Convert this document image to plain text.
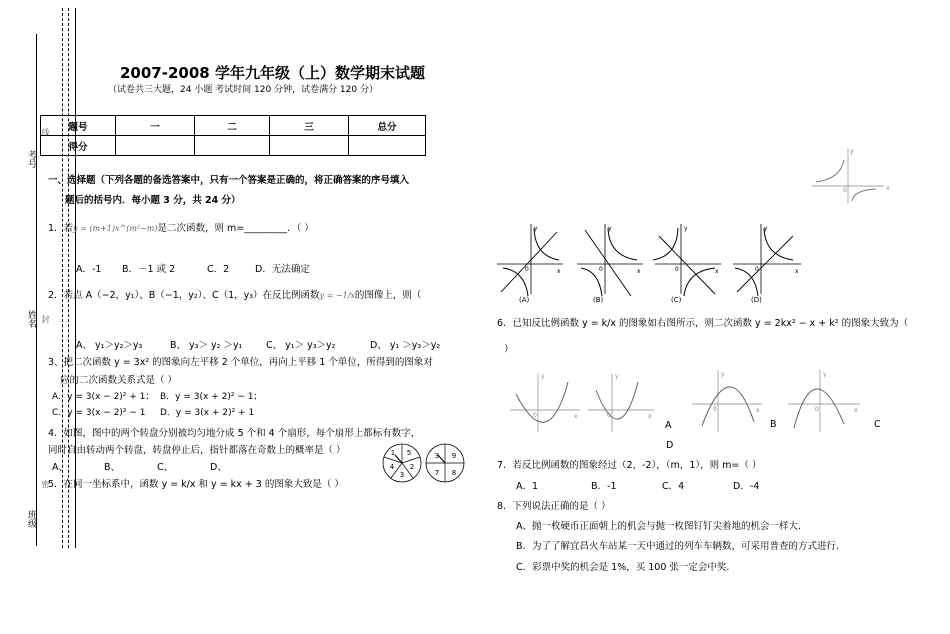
考号
姓名
班级
线
封
密
2007-2008 学年九年级（上）数学期末试题
（试卷共三大题，24 小题 考试时间 120 分钟，试卷满分 120 分）
题号	一	二	三	总分
得分				
一、选择题（下列各题的备选答案中，只有一个答案是正确的，将正确答案的序号填入
题后的括号内．每小题 3 分，共 24 分）
1．若y = (m+1)x^(m²−m)是二次函数，则 m=_________．（ ）
A．-1 B．－1 或 2	C．2	D．无法确定
2．若点 A（−2，y₁）、B（−1，y₂）、C（1，y₃）在反比例函数y = −1/x的图像上，则（
A、 y₁＞y₂＞y₃	B、 y₃＞ y₂ ＞y₁ C、 y₁＞ y₃＞y₂	D、 y₁ ＞y₃＞y₂
3、把二次函数 y = 3x² 的图象向左平移 2 个单位，再向上平移 1 个单位，所得到的图象对
应的二次函数关系式是（ ）
A．y = 3(x − 2)² + 1； B．y = 3(x + 2)² − 1；
C．y = 3(x − 2)² − 1 D．y = 3(x + 2)² + 1
4．如图，图中的两个转盘分别被均匀地分成 5 个和 4 个扇形，每个扇形上都标有数字，
同时自由转动两个转盘，转盘停止后，指针都落在奇数上的概率是（ ）
A、	B、	C、	D、
1 5
2
3
4
3 9
7 8
5．在同一坐标系中，函数 y = k/x 和 y = kx + 3 的图象大致是（ ）
x
y
0
x
y
0	x
y
0	x
y
0	x
y
0
(A)	(B)	(C)	(D)
6．已知反比例函数 y = k/x 的图象如右图所示，则二次函数 y = 2kx² − x + k² 的图象大致为（
）
x
y
0	x
y
0
x
y
0	x
y
0
A	B	C
D
7．若反比例函数的图象经过（2，-2），（m，1），则 m=（ ）
A．1	B．-1	C．4	D．-4
8．下列说法正确的是（ ）
A、抛一枚硬币正面朝上的机会与抛一枚图钉钉尖着地的机会一样大．
B．为了了解宜昌火车站某一天中通过的列车车辆数，可采用普查的方式进行．
C．彩票中奖的机会是 1%，买 100 张一定会中奖．
